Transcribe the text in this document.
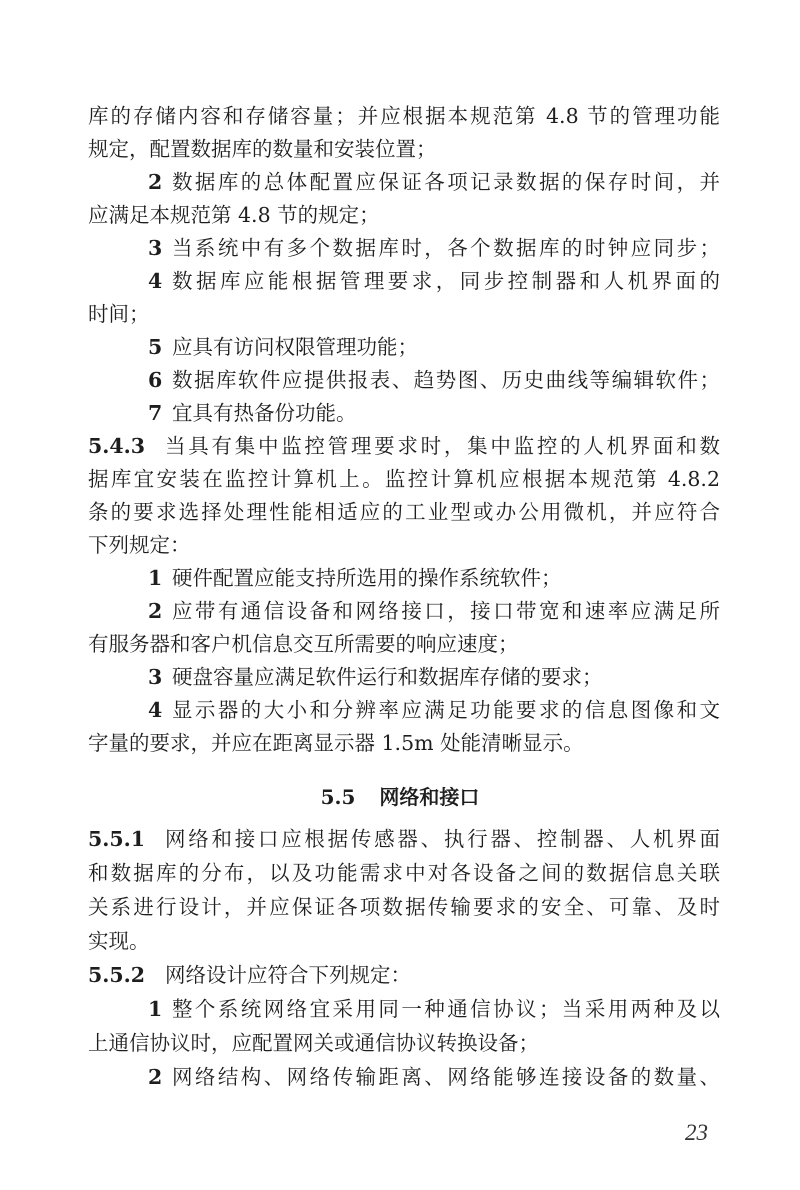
库的存储内容和存储容量；并应根据本规范第 4.8 节的管理功能
规定，配置数据库的数量和安装位置；
2 数据库的总体配置应保证各项记录数据的保存时间，并
应满足本规范第 4.8 节的规定；
3 当系统中有多个数据库时，各个数据库的时钟应同步；
4 数据库应能根据管理要求，同步控制器和人机界面的
时间；
5 应具有访问权限管理功能；
6 数据库软件应提供报表、趋势图、历史曲线等编辑软件；
7 宜具有热备份功能。
5.4.3 当具有集中监控管理要求时，集中监控的人机界面和数
据库宜安装在监控计算机上。监控计算机应根据本规范第 4.8.2
条的要求选择处理性能相适应的工业型或办公用微机，并应符合
下列规定：
1 硬件配置应能支持所选用的操作系统软件；
2 应带有通信设备和网络接口，接口带宽和速率应满足所
有服务器和客户机信息交互所需要的响应速度；
3 硬盘容量应满足软件运行和数据库存储的要求；
4 显示器的大小和分辨率应满足功能要求的信息图像和文
字量的要求，并应在距离显示器 1.5m 处能清晰显示。
5.5 网络和接口
5.5.1 网络和接口应根据传感器、执行器、控制器、人机界面
和数据库的分布，以及功能需求中对各设备之间的数据信息关联
关系进行设计，并应保证各项数据传输要求的安全、可靠、及时
实现。
5.5.2 网络设计应符合下列规定：
1 整个系统网络宜采用同一种通信协议；当采用两种及以
上通信协议时，应配置网关或通信协议转换设备；
2 网络结构、网络传输距离、网络能够连接设备的数量、
23
